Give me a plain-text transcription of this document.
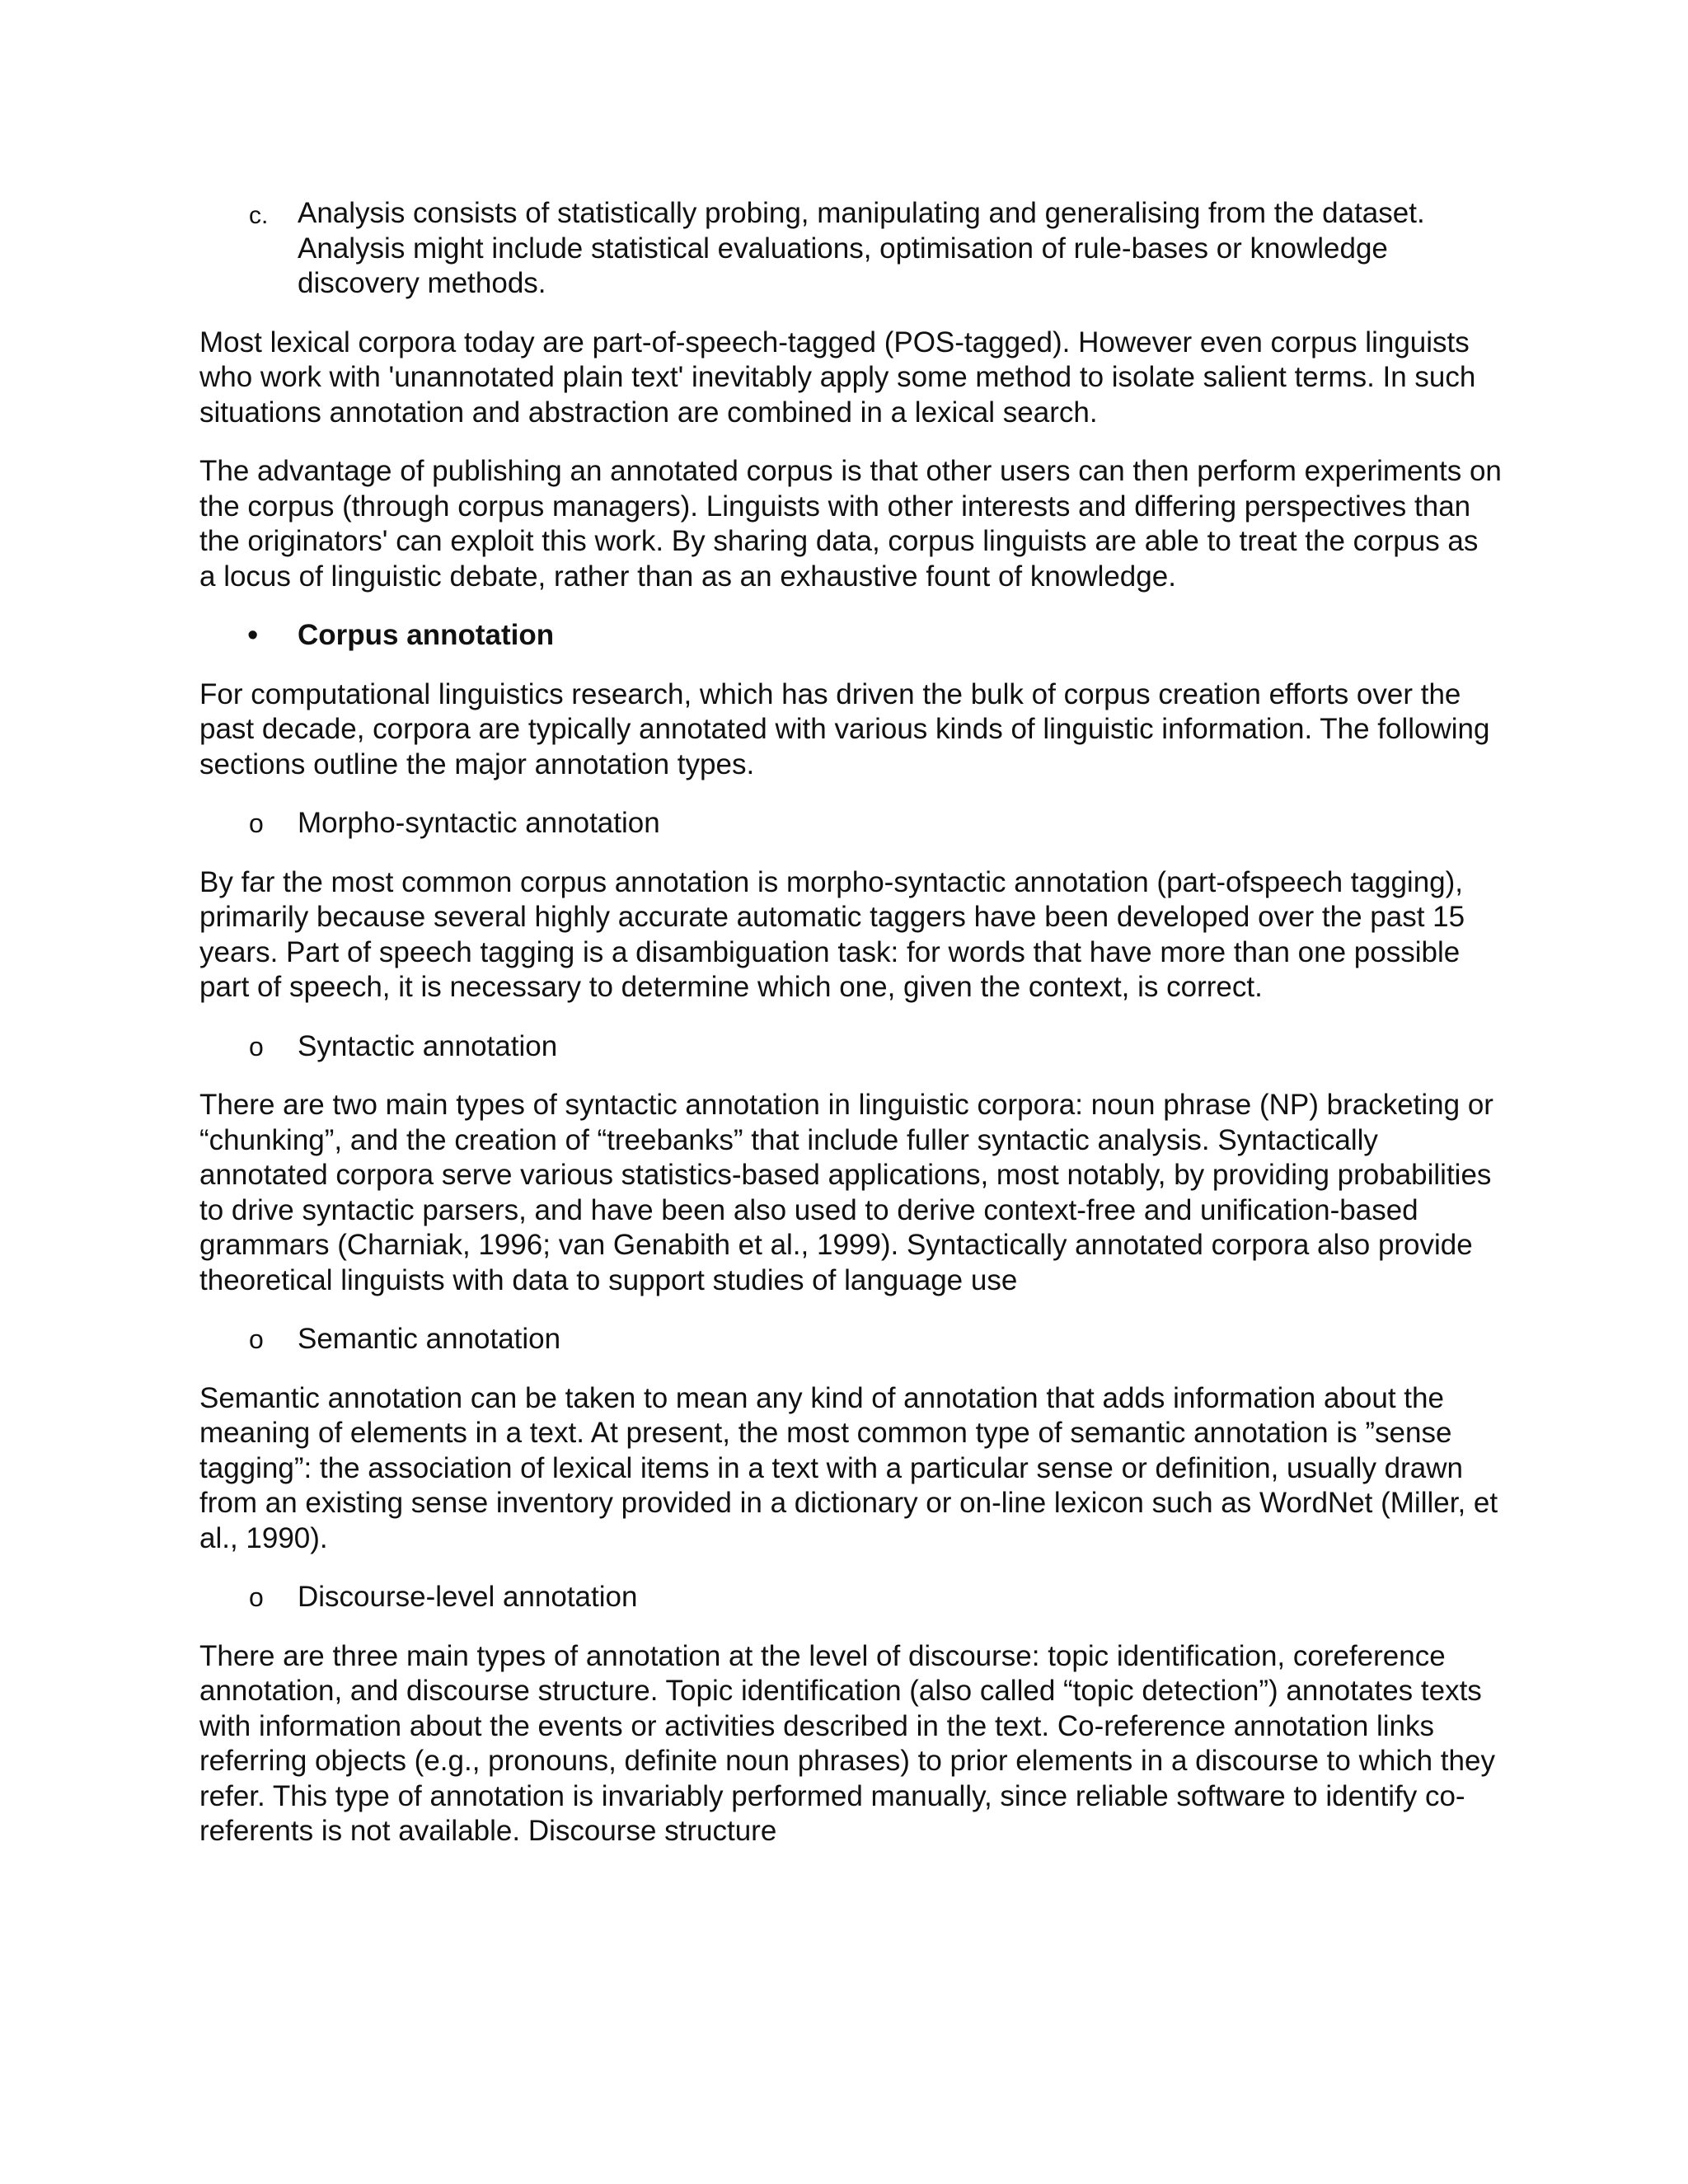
c. Analysis consists of statistically probing, manipulating and generalising from the dataset. Analysis might include statistical evaluations, optimisation of rule-bases or knowledge discovery methods.

Most lexical corpora today are part-of-speech-tagged (POS-tagged). However even corpus linguists who work with 'unannotated plain text' inevitably apply some method to isolate salient terms. In such situations annotation and abstraction are combined in a lexical search.

The advantage of publishing an annotated corpus is that other users can then perform experiments on the corpus (through corpus managers). Linguists with other interests and differing perspectives than the originators' can exploit this work. By sharing data, corpus linguists are able to treat the corpus as a locus of linguistic debate, rather than as an exhaustive fount of knowledge.

• Corpus annotation

For computational linguistics research, which has driven the bulk of corpus creation efforts over the past decade, corpora are typically annotated with various kinds of linguistic information. The following sections outline the major annotation types.

o Morpho-syntactic annotation

By far the most common corpus annotation is morpho-syntactic annotation (part-ofspeech tagging), primarily because several highly accurate automatic taggers have been developed over the past 15 years. Part of speech tagging is a disambiguation task: for words that have more than one possible part of speech, it is necessary to determine which one, given the context, is correct.

o Syntactic annotation

There are two main types of syntactic annotation in linguistic corpora: noun phrase (NP) bracketing or “chunking”, and the creation of “treebanks” that include fuller syntactic analysis. Syntactically annotated corpora serve various statistics-based applications, most notably, by providing probabilities to drive syntactic parsers, and have been also used to derive context-free and unification-based grammars (Charniak, 1996; van Genabith et al., 1999). Syntactically annotated corpora also provide theoretical linguists with data to support studies of language use

o Semantic annotation

Semantic annotation can be taken to mean any kind of annotation that adds information about the meaning of elements in a text. At present, the most common type of semantic annotation is ”sense tagging”: the association of lexical items in a text with a particular sense or definition, usually drawn from an existing sense inventory provided in a dictionary or on-line lexicon such as WordNet (Miller, et al., 1990).

o Discourse-level annotation

There are three main types of annotation at the level of discourse: topic identification, coreference annotation, and discourse structure. Topic identification (also called “topic detection”) annotates texts with information about the events or activities described in the text. Co-reference annotation links referring objects (e.g., pronouns, definite noun phrases) to prior elements in a discourse to which they refer. This type of annotation is invariably performed manually, since reliable software to identify co-referents is not available. Discourse structure
